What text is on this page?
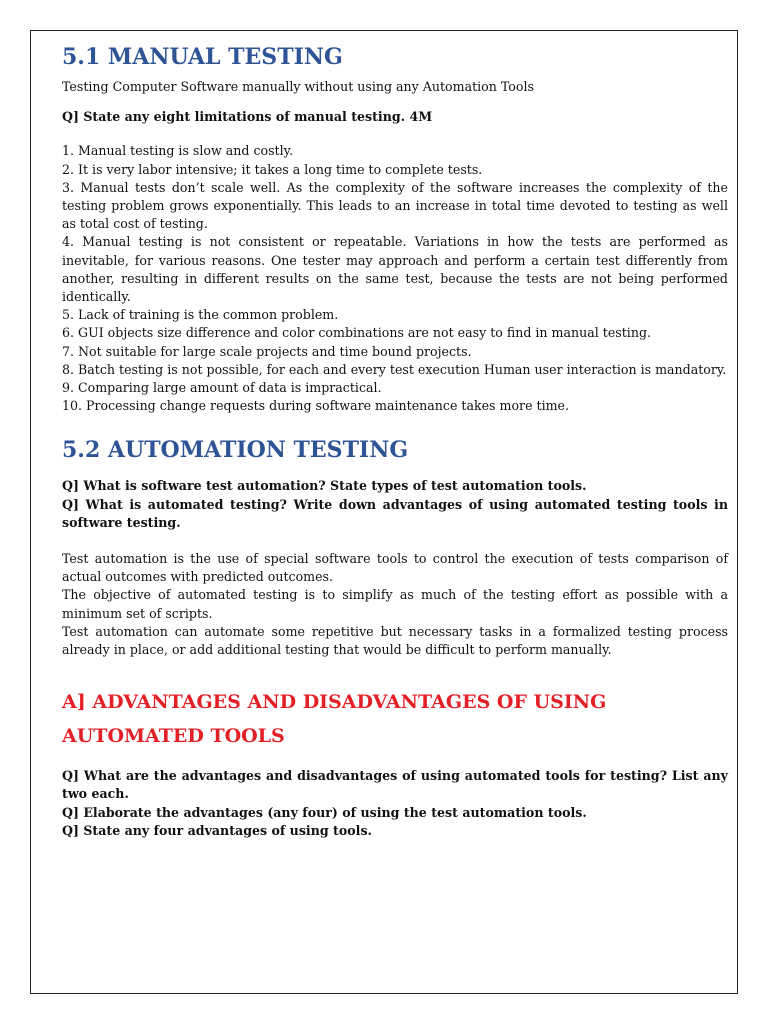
5.1 MANUAL TESTING

Testing Computer Software manually without using any Automation Tools

Q] State any eight limitations of manual testing. 4M

1. Manual testing is slow and costly.
2. It is very labor intensive; it takes a long time to complete tests.
3. Manual tests don’t scale well. As the complexity of the software increases the complexity of the testing problem grows exponentially. This leads to an increase in total time devoted to testing as well as total cost of testing.
4. Manual testing is not consistent or repeatable. Variations in how the tests are performed as inevitable, for various reasons. One tester may approach and perform a certain test differently from another, resulting in different results on the same test, because the tests are not being performed identically.
5. Lack of training is the common problem.
6. GUI objects size difference and color combinations are not easy to find in manual testing.
7. Not suitable for large scale projects and time bound projects.
8. Batch testing is not possible, for each and every test execution Human user interaction is mandatory.
9. Comparing large amount of data is impractical.
10. Processing change requests during software maintenance takes more time.
5.2 AUTOMATION TESTING

Q] What is software test automation? State types of test automation tools.

Q] What is automated testing? Write down advantages of using automated testing tools in software testing.

Test automation is the use of special software tools to control the execution of tests comparison of actual outcomes with predicted outcomes.

The objective of automated testing is to simplify as much of the testing effort as possible with a minimum set of scripts.

Test automation can automate some repetitive but necessary tasks in a formalized testing process already in place, or add additional testing that would be difficult to perform manually.

A] ADVANTAGES AND DISADVANTAGES OF USING AUTOMATED TOOLS

Q] What are the advantages and disadvantages of using automated tools for testing? List any two each.

Q] Elaborate the advantages (any four) of using the test automation tools.

Q] State any four advantages of using tools.
